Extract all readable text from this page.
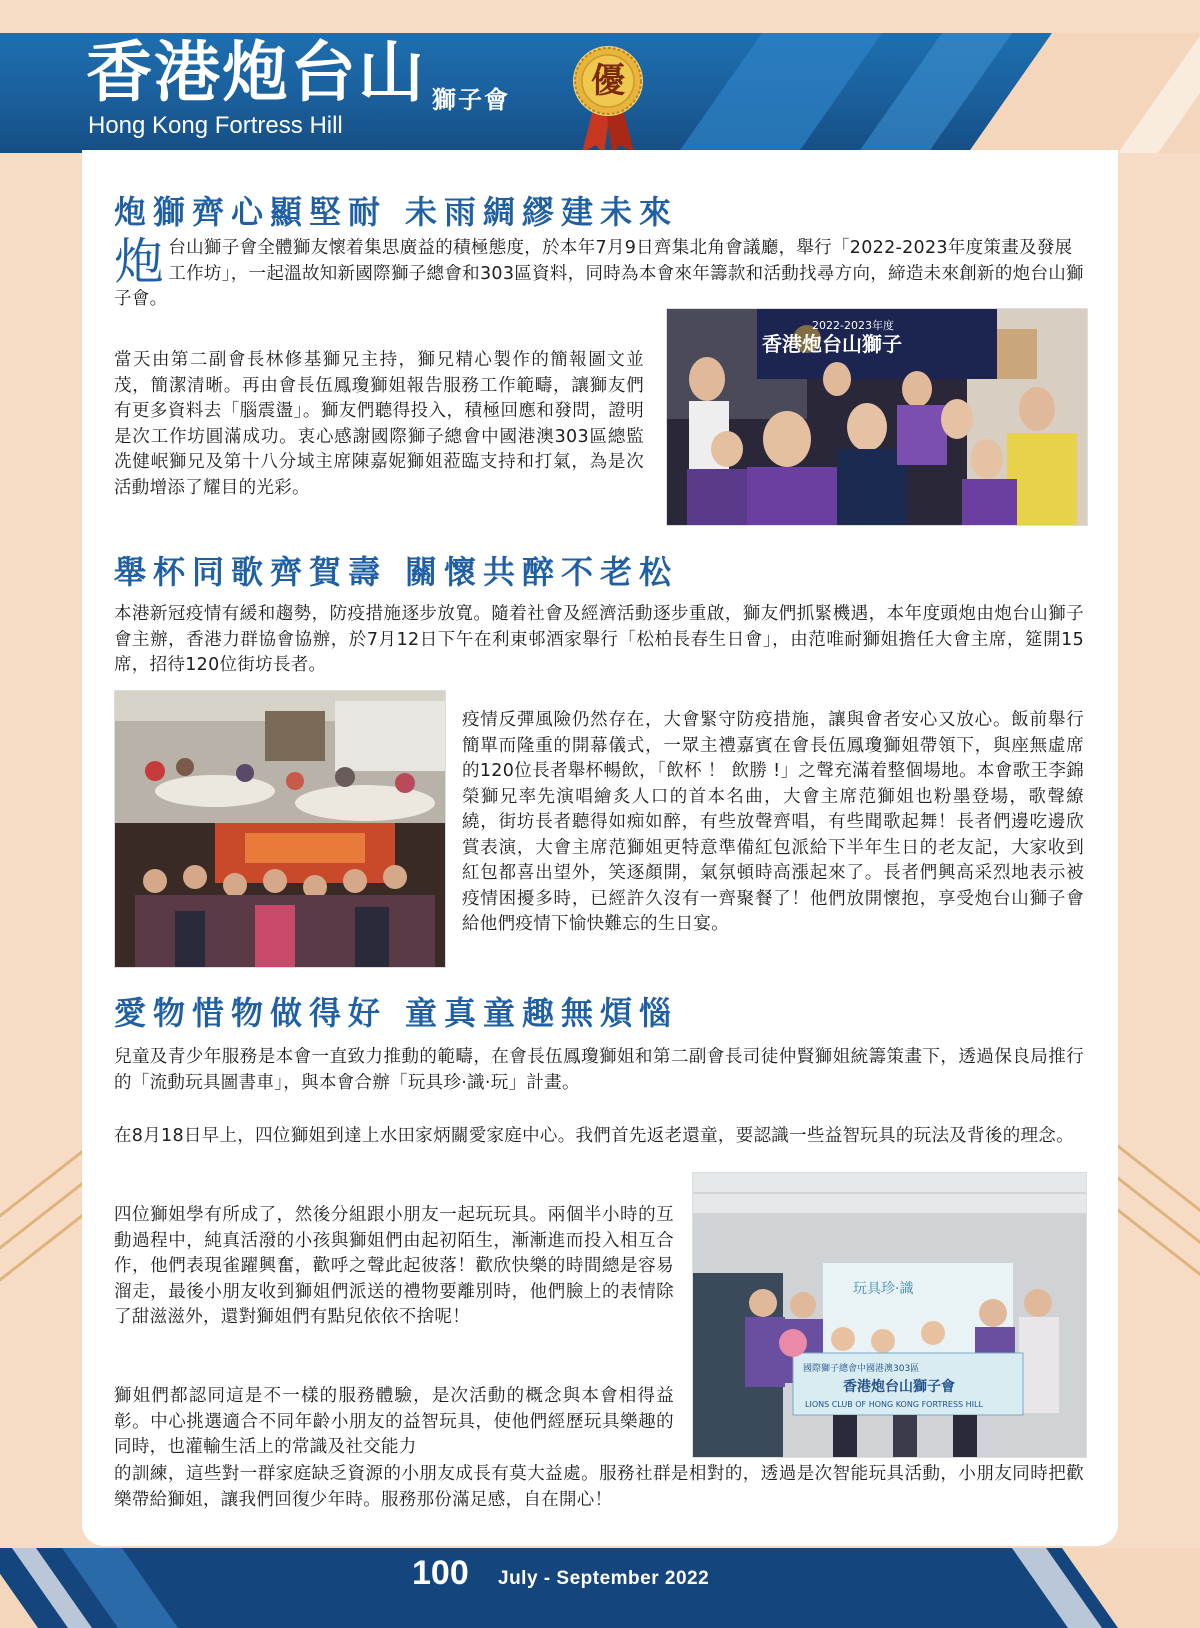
香港炮台山 獅子會
Hong Kong Fortress Hill
優
炮獅齊心顯堅耐 未雨綢繆建未來
炮台山獅子會全體獅友懷着集思廣益的積極態度，於本年7月9日齊集北角會議廳，舉行「2022-2023年度策畫及發展工作坊」，一起溫故知新國際獅子總會和303區資料，同時為本會來年籌款和活動找尋方向，締造未來創新的炮台山獅子會。
當天由第二副會長林修基獅兄主持，獅兄精心製作的簡報圖文並茂，簡潔清晰。再由會長伍鳳瓊獅姐報告服務工作範疇，讓獅友們有更多資料去「腦震盪」。獅友們聽得投入，積極回應和發問，證明是次工作坊圓滿成功。衷心感謝國際獅子總會中國港澳303區總監冼健岷獅兄及第十八分域主席陳嘉妮獅姐蒞臨支持和打氣，為是次活動增添了耀目的光彩。
2022-2023年度
香港炮台山獅子
舉杯同歌齊賀壽 關懷共醉不老松
本港新冠疫情有緩和趨勢，防疫措施逐步放寬。隨着社會及經濟活動逐步重啟，獅友們抓緊機遇，本年度頭炮由炮台山獅子會主辦，香港力群協會協辦，於7月12日下午在利東邨酒家舉行「松柏長春生日會」，由范唯耐獅姐擔任大會主席，筵開15席，招待120位街坊長者。
疫情反彈風險仍然存在，大會緊守防疫措施，讓與會者安心又放心。飯前舉行簡單而隆重的開幕儀式，一眾主禮嘉賓在會長伍鳳瓊獅姐帶領下，與座無虛席的120位長者舉杯暢飲，「飲杯 ！ 飲勝 !」之聲充滿着整個場地。本會歌王李錦榮獅兄率先演唱繪炙人口的首本名曲，大會主席范獅姐也粉墨登場，歌聲繚繞，街坊長者聽得如痴如醉，有些放聲齊唱，有些聞歌起舞！長者們邊吃邊欣賞表演，大會主席范獅姐更特意準備紅包派給下半年生日的老友記，大家收到紅包都喜出望外，笑逐顏開，氣氛頓時高漲起來了。長者們興高采烈地表示被疫情困擾多時，已經許久沒有一齊聚餐了！他們放開懷抱，享受炮台山獅子會給他們疫情下愉快難忘的生日宴。
愛物惜物做得好 童真童趣無煩惱
兒童及青少年服務是本會一直致力推動的範疇，在會長伍鳳瓊獅姐和第二副會長司徒仲賢獅姐統籌策畫下，透過保良局推行的「流動玩具圖書車」，與本會合辦「玩具珍·識·玩」計畫。
在8月18日早上，四位獅姐到達上水田家炳關愛家庭中心。我們首先返老還童，要認識一些益智玩具的玩法及背後的理念。
四位獅姐學有所成了，然後分組跟小朋友一起玩玩具。兩個半小時的互動過程中，純真活潑的小孩與獅姐們由起初陌生，漸漸進而投入相互合作，他們表現雀躍興奮，歡呼之聲此起彼落！歡欣快樂的時間總是容易溜走，最後小朋友收到獅姐們派送的禮物要離別時，他們臉上的表情除了甜滋滋外，還對獅姐們有點兒依依不捨呢！
獅姐們都認同這是不一樣的服務體驗，是次活動的概念與本會相得益彰。中心挑選適合不同年齡小朋友的益智玩具，使他們經歷玩具樂趣的同時，也灌輸生活上的常識及社交能力
的訓練，這些對一群家庭缺乏資源的小朋友成長有莫大益處。服務社群是相對的，透過是次智能玩具活動，小朋友同時把歡樂帶給獅姐，讓我們回復少年時。服務那份滿足感，自在開心！
玩具珍·識
國際獅子總會中國港澳303區
香港炮台山獅子會
LIONS CLUB OF HONG KONG FORTRESS HILL
100 July - September 2022
